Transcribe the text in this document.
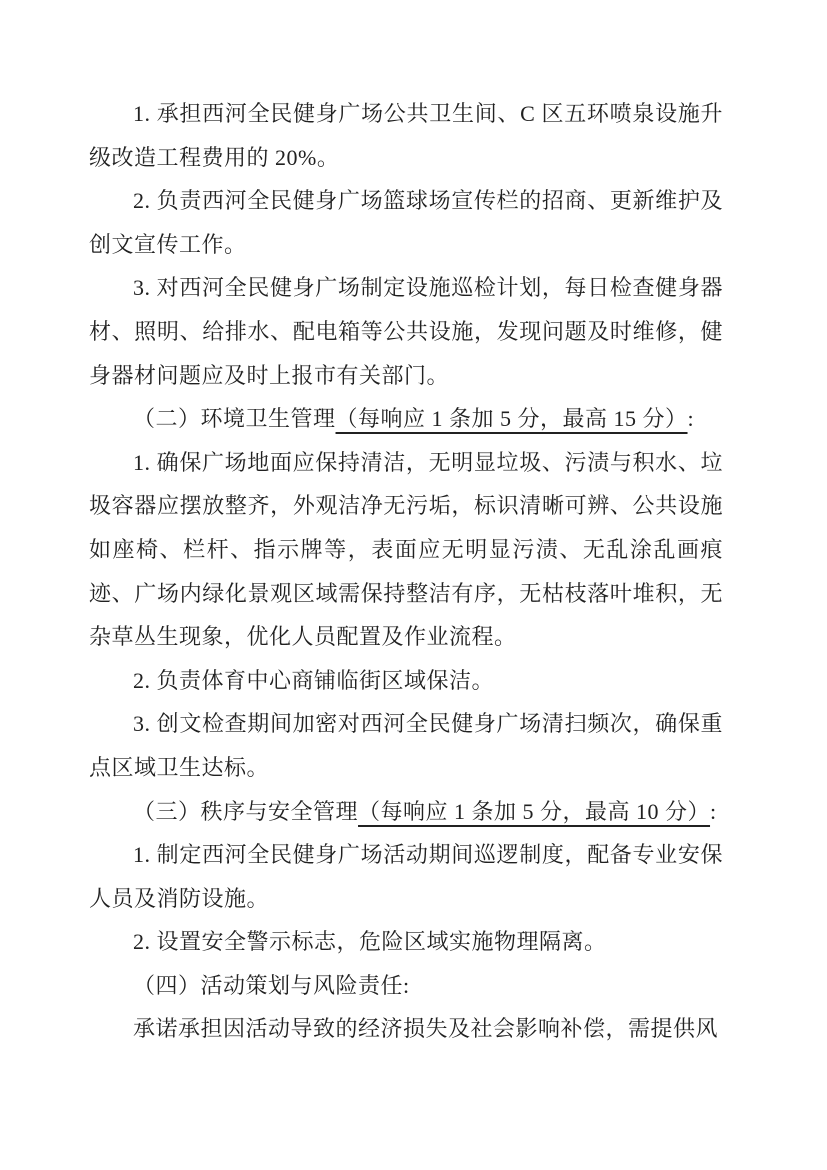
1. 承担西河全民健身广场公共卫生间、C 区五环喷泉设施升级改造工程费用的 20%。

2. 负责西河全民健身广场篮球场宣传栏的招商、更新维护及创文宣传工作。

3. 对西河全民健身广场制定设施巡检计划，每日检查健身器材、照明、给排水、配电箱等公共设施，发现问题及时维修，健身器材问题应及时上报市有关部门。

（二）环境卫生管理（每响应 1 条加 5 分，最高 15 分）:

1. 确保广场地面应保持清洁，无明显垃圾、污渍与积水、垃圾容器应摆放整齐，外观洁净无污垢，标识清晰可辨、公共设施如座椅、栏杆、指示牌等，表面应无明显污渍、无乱涂乱画痕迹、广场内绿化景观区域需保持整洁有序，无枯枝落叶堆积，无杂草丛生现象，优化人员配置及作业流程。

2. 负责体育中心商铺临街区域保洁。

3. 创文检查期间加密对西河全民健身广场清扫频次，确保重点区域卫生达标。

（三）秩序与安全管理（每响应 1 条加 5 分，最高 10 分）:

1. 制定西河全民健身广场活动期间巡逻制度，配备专业安保人员及消防设施。

2. 设置安全警示标志，危险区域实施物理隔离。

（四）活动策划与风险责任:

承诺承担因活动导致的经济损失及社会影响补偿，需提供风
